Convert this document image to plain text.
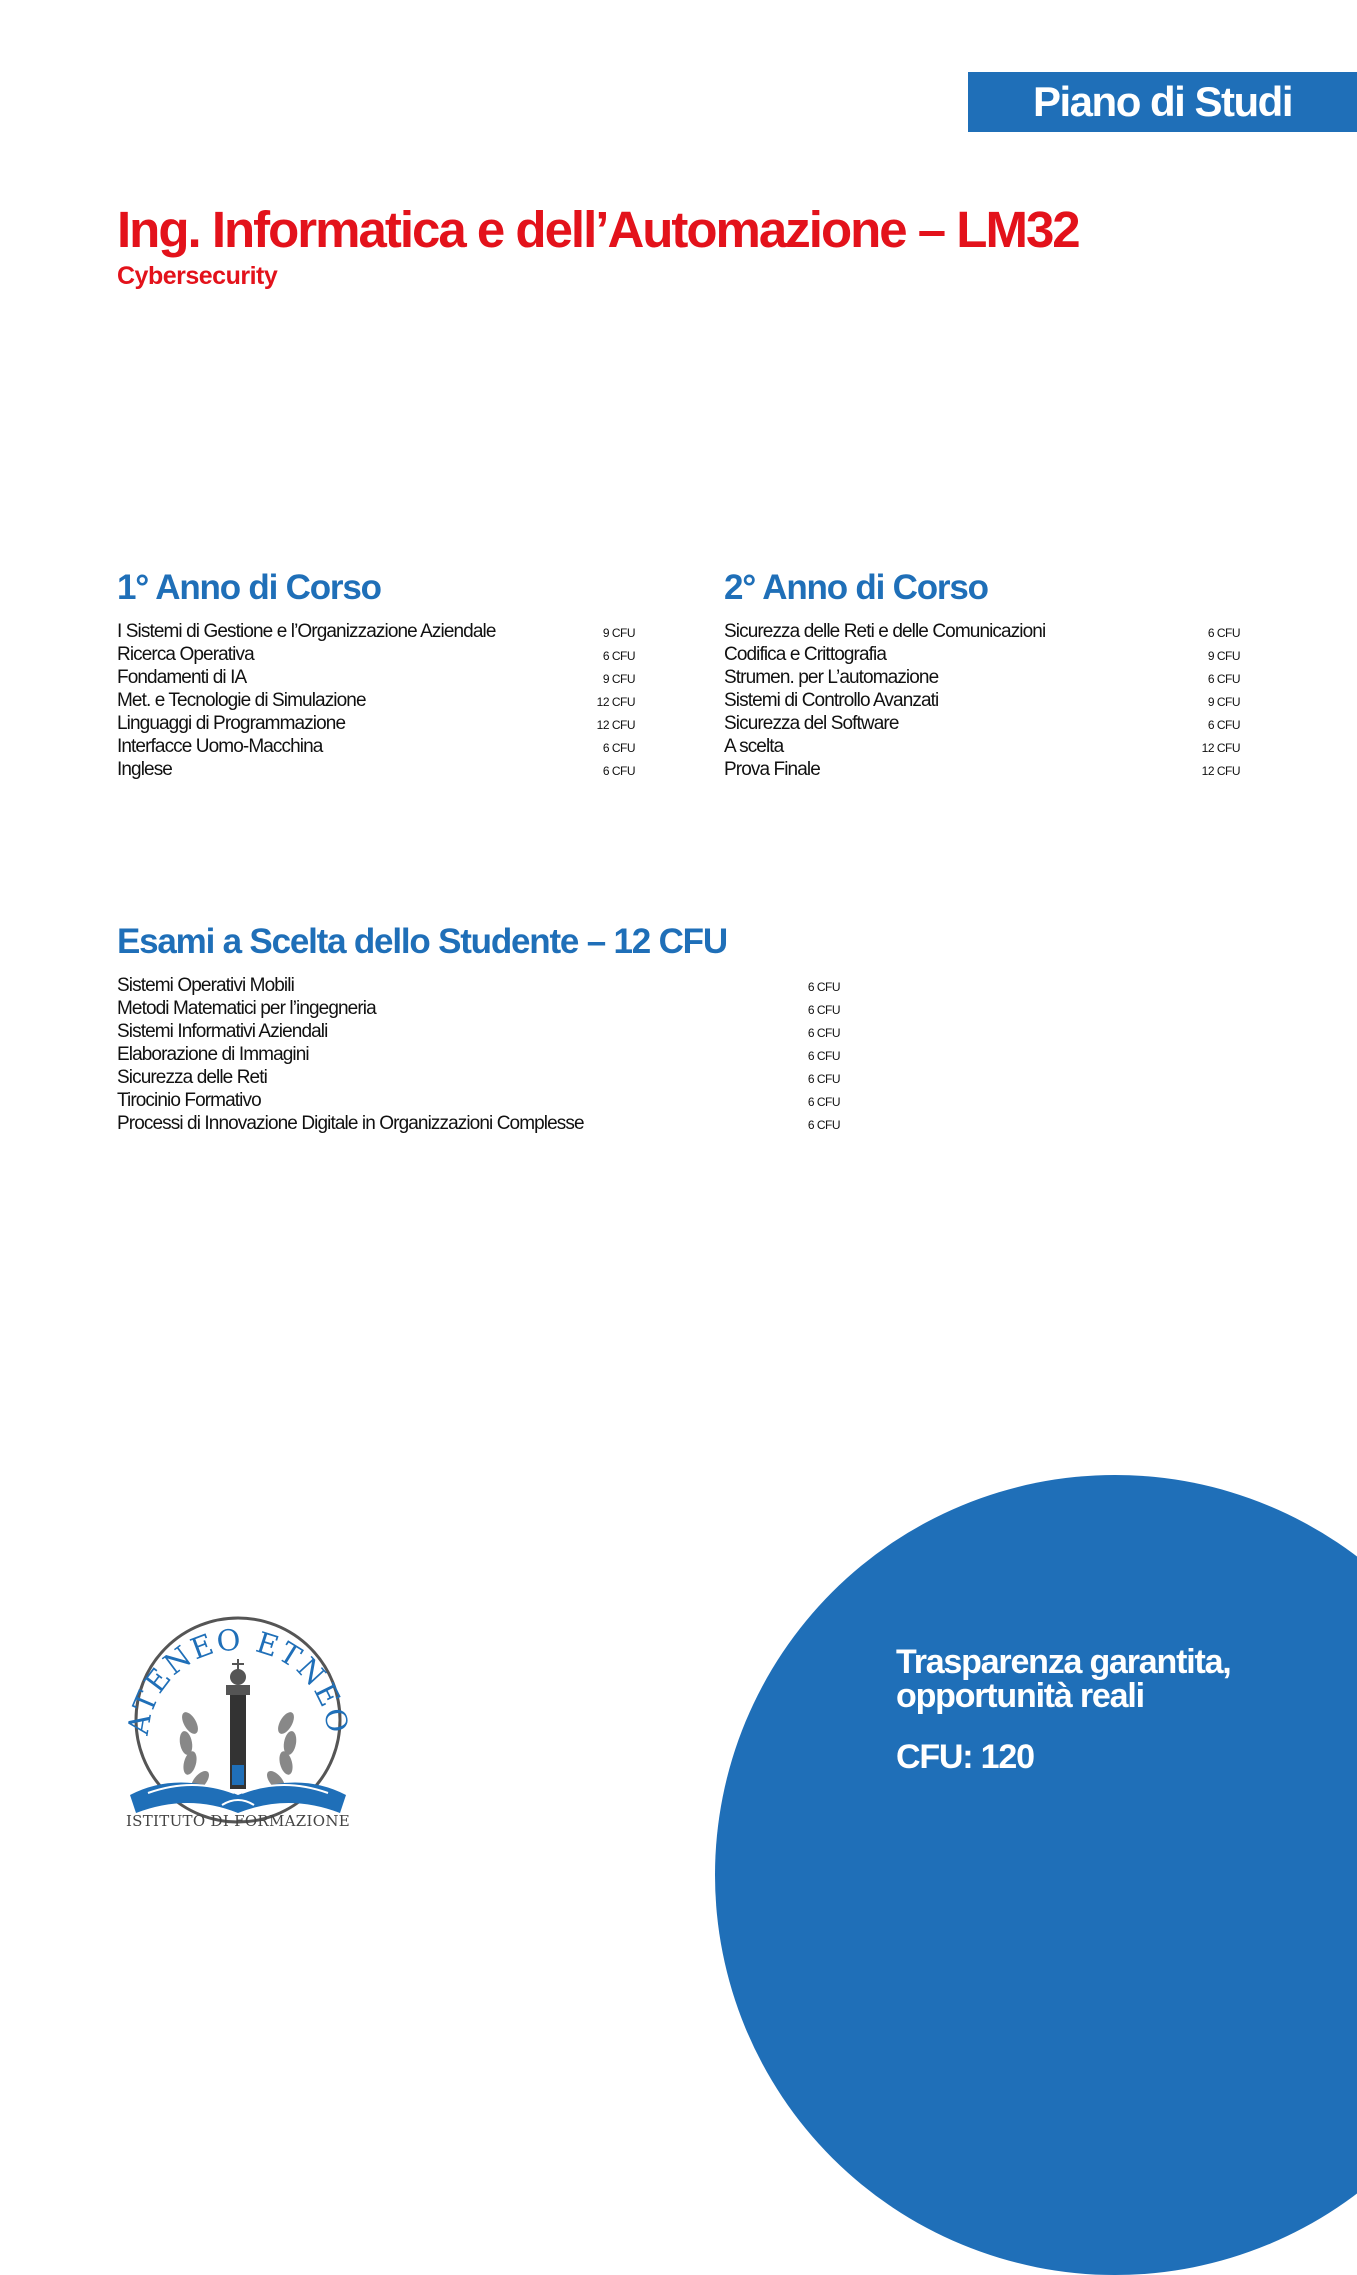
Piano di Studi
Ing. Informatica e dell’Automazione – LM32
Cybersecurity
1° Anno di Corso
I Sistemi di Gestione e l’Organizzazione Aziendale	9 CFU
Ricerca Operativa	6 CFU
Fondamenti di IA	9 CFU
Met. e Tecnologie di Simulazione	12 CFU
Linguaggi di Programmazione	12 CFU
Interfacce Uomo-Macchina	6 CFU
Inglese	6 CFU
2° Anno di Corso
Sicurezza delle Reti e delle Comunicazioni	6 CFU
Codifica e Crittografia	9 CFU
Strumen. per L’automazione	6 CFU
Sistemi di Controllo Avanzati	9 CFU
Sicurezza del Software	6 CFU
A scelta	12 CFU
Prova Finale	12 CFU
Esami a Scelta dello Studente – 12 CFU
Sistemi Operativi Mobili	6 CFU
Metodi Matematici per l’ingegneria	6 CFU
Sistemi Informativi Aziendali	6 CFU
Elaborazione di Immagini	6 CFU
Sicurezza delle Reti	6 CFU
Tirocinio Formativo	6 CFU
Processi di Innovazione Digitale in Organizzazioni Complesse	6 CFU

Trasparenza garantita,
opportunità reali

CFU: 120

ATENEO ETNEO
ISTITUTO DI FORMAZIONE
